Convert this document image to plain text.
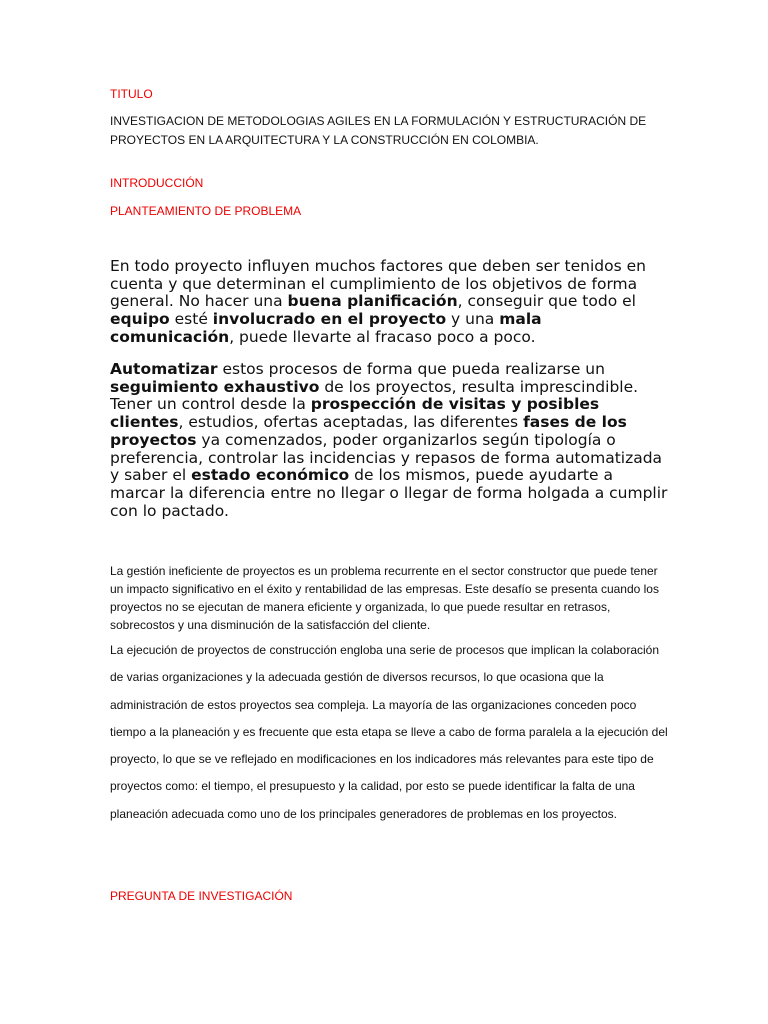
TITULO

INVESTIGACION DE METODOLOGIAS AGILES EN LA FORMULACIÓN Y ESTRUCTURACIÓN DE PROYECTOS EN LA ARQUITECTURA Y LA CONSTRUCCIÓN EN COLOMBIA.

INTRODUCCIÓN

PLANTEAMIENTO DE PROBLEMA

En todo proyecto influyen muchos factores que deben ser tenidos en cuenta y que determinan el cumplimiento de los objetivos de forma general. No hacer una buena planificación, conseguir que todo el equipo esté involucrado en el proyecto y una mala comunicación, puede llevarte al fracaso poco a poco.

Automatizar estos procesos de forma que pueda realizarse un seguimiento exhaustivo de los proyectos, resulta imprescindible. Tener un control desde la prospección de visitas y posibles clientes, estudios, ofertas aceptadas, las diferentes fases de los proyectos ya comenzados, poder organizarlos según tipología o preferencia, controlar las incidencias y repasos de forma automatizada y saber el estado económico de los mismos, puede ayudarte a marcar la diferencia entre no llegar o llegar de forma holgada a cumplir con lo pactado.

La gestión ineficiente de proyectos es un problema recurrente en el sector constructor que puede tener un impacto significativo en el éxito y rentabilidad de las empresas. Este desafío se presenta cuando los proyectos no se ejecutan de manera eficiente y organizada, lo que puede resultar en retrasos, sobrecostos y una disminución de la satisfacción del cliente.

La ejecución de proyectos de construcción engloba una serie de procesos que implican la colaboración de varias organizaciones y la adecuada gestión de diversos recursos, lo que ocasiona que la administración de estos proyectos sea compleja. La mayoría de las organizaciones conceden poco tiempo a la planeación y es frecuente que esta etapa se lleve a cabo de forma paralela a la ejecución del proyecto, lo que se ve reflejado en modificaciones en los indicadores más relevantes para este tipo de proyectos como: el tiempo, el presupuesto y la calidad, por esto se puede identificar la falta de una planeación adecuada como uno de los principales generadores de problemas en los proyectos.

PREGUNTA DE INVESTIGACIÓN
